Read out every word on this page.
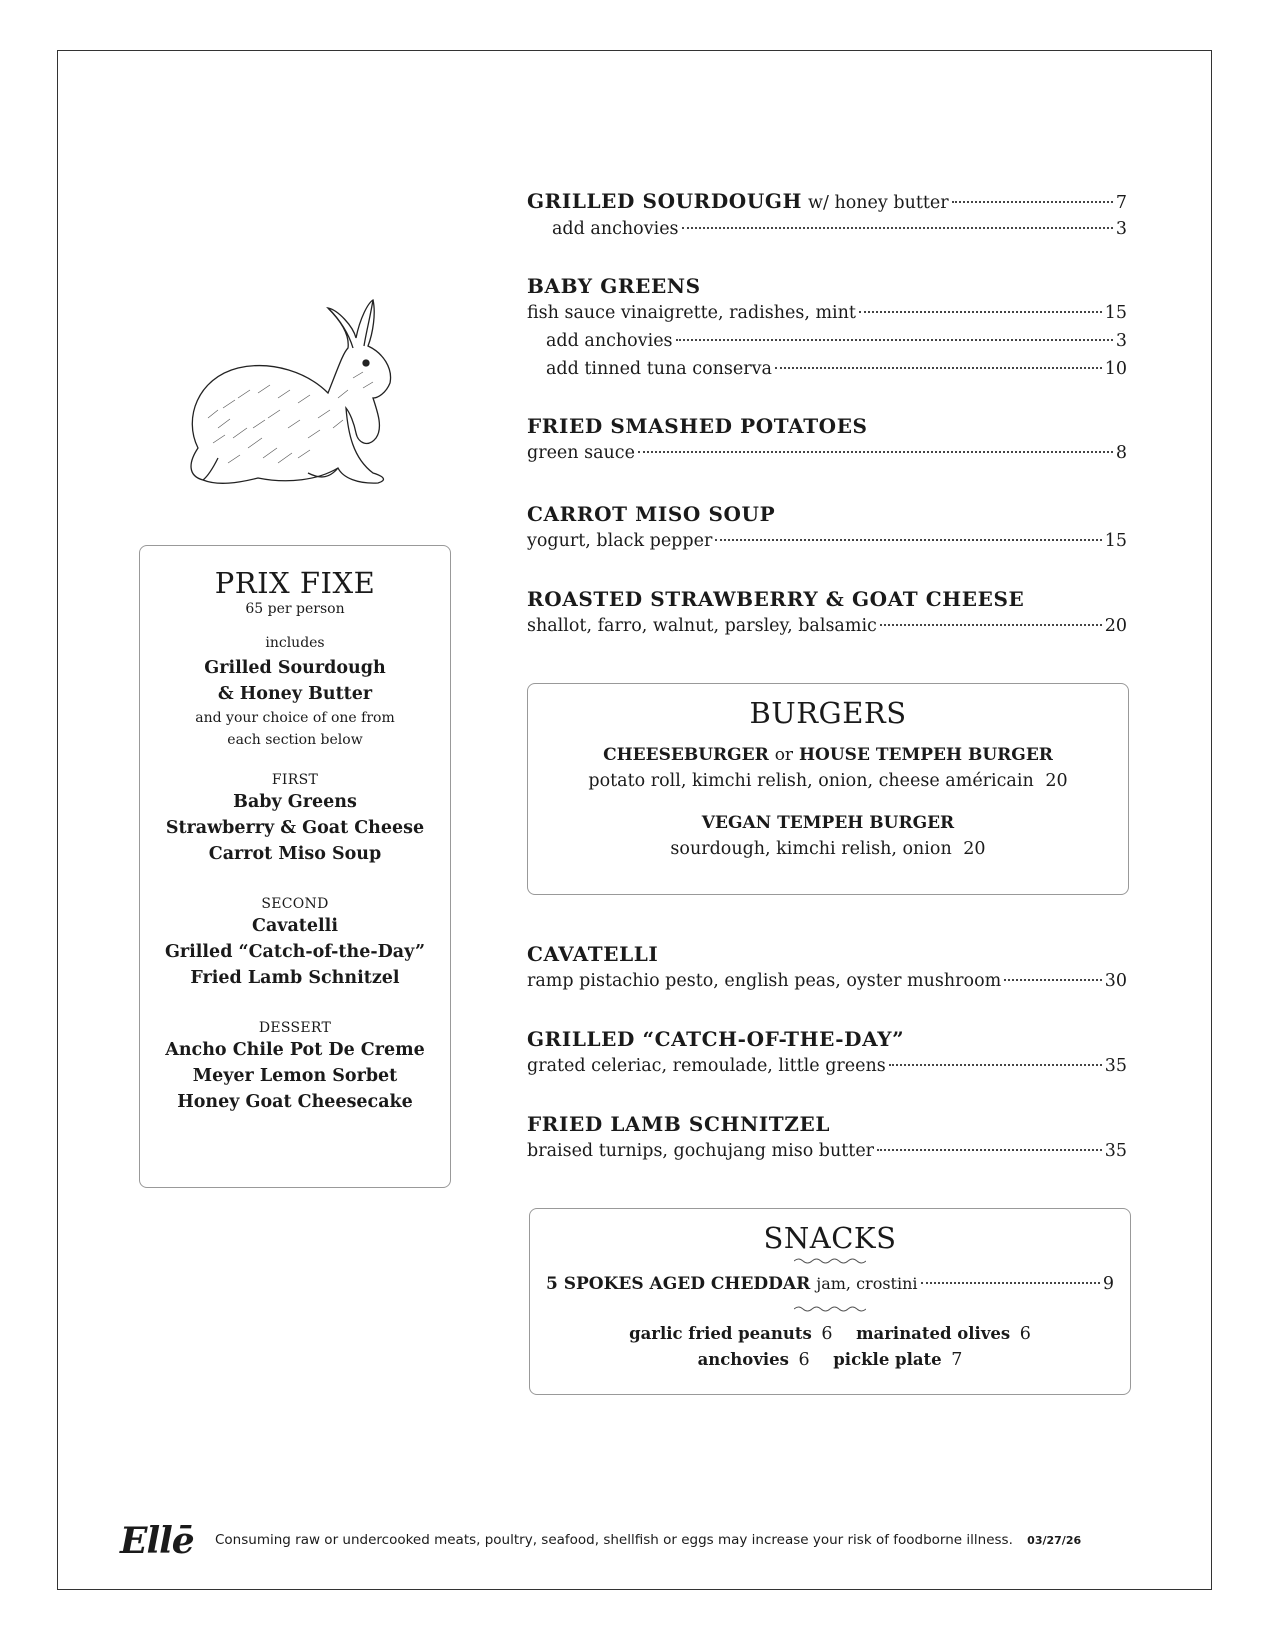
PRIX FIXE
65 per person
includes
Grilled Sourdough
& Honey Butter
and your choice of one from
each section below
FIRST
Baby Greens
Strawberry & Goat Cheese
Carrot Miso Soup
SECOND
Cavatelli
Grilled “Catch-of-the-Day”
Fried Lamb Schnitzel
DESSERT
Ancho Chile Pot De Creme
Meyer Lemon Sorbet
Honey Goat Cheesecake
GRILLED SOURDOUGH w/ honey butter	7
add anchovies	3
BABY GREENS
fish sauce vinaigrette, radishes, mint	15
add anchovies	3
add tinned tuna conserva	10
FRIED SMASHED POTATOES
green sauce	8
CARROT MISO SOUP
yogurt, black pepper	15
ROASTED STRAWBERRY & GOAT CHEESE
shallot, farro, walnut, parsley, balsamic	20
BURGERS
CHEESEBURGER or HOUSE TEMPEH BURGER
potato roll, kimchi relish, onion, cheese américain 20
VEGAN TEMPEH BURGER
sourdough, kimchi relish, onion 20
CAVATELLI
ramp pistachio pesto, english peas, oyster mushroom	30
GRILLED “CATCH-OF-THE-DAY”
grated celeriac, remoulade, little greens	35
FRIED LAMB SCHNITZEL
braised turnips, gochujang miso butter	35
SNACKS
5 SPOKES AGED CHEDDAR jam, crostini	9
garlic fried peanuts 6 marinated olives 6
anchovies 6 pickle plate 7
Ellē Consuming raw or undercooked meats, poultry, seafood, shellfish or eggs may increase your risk of foodborne illness. 03/27/26
